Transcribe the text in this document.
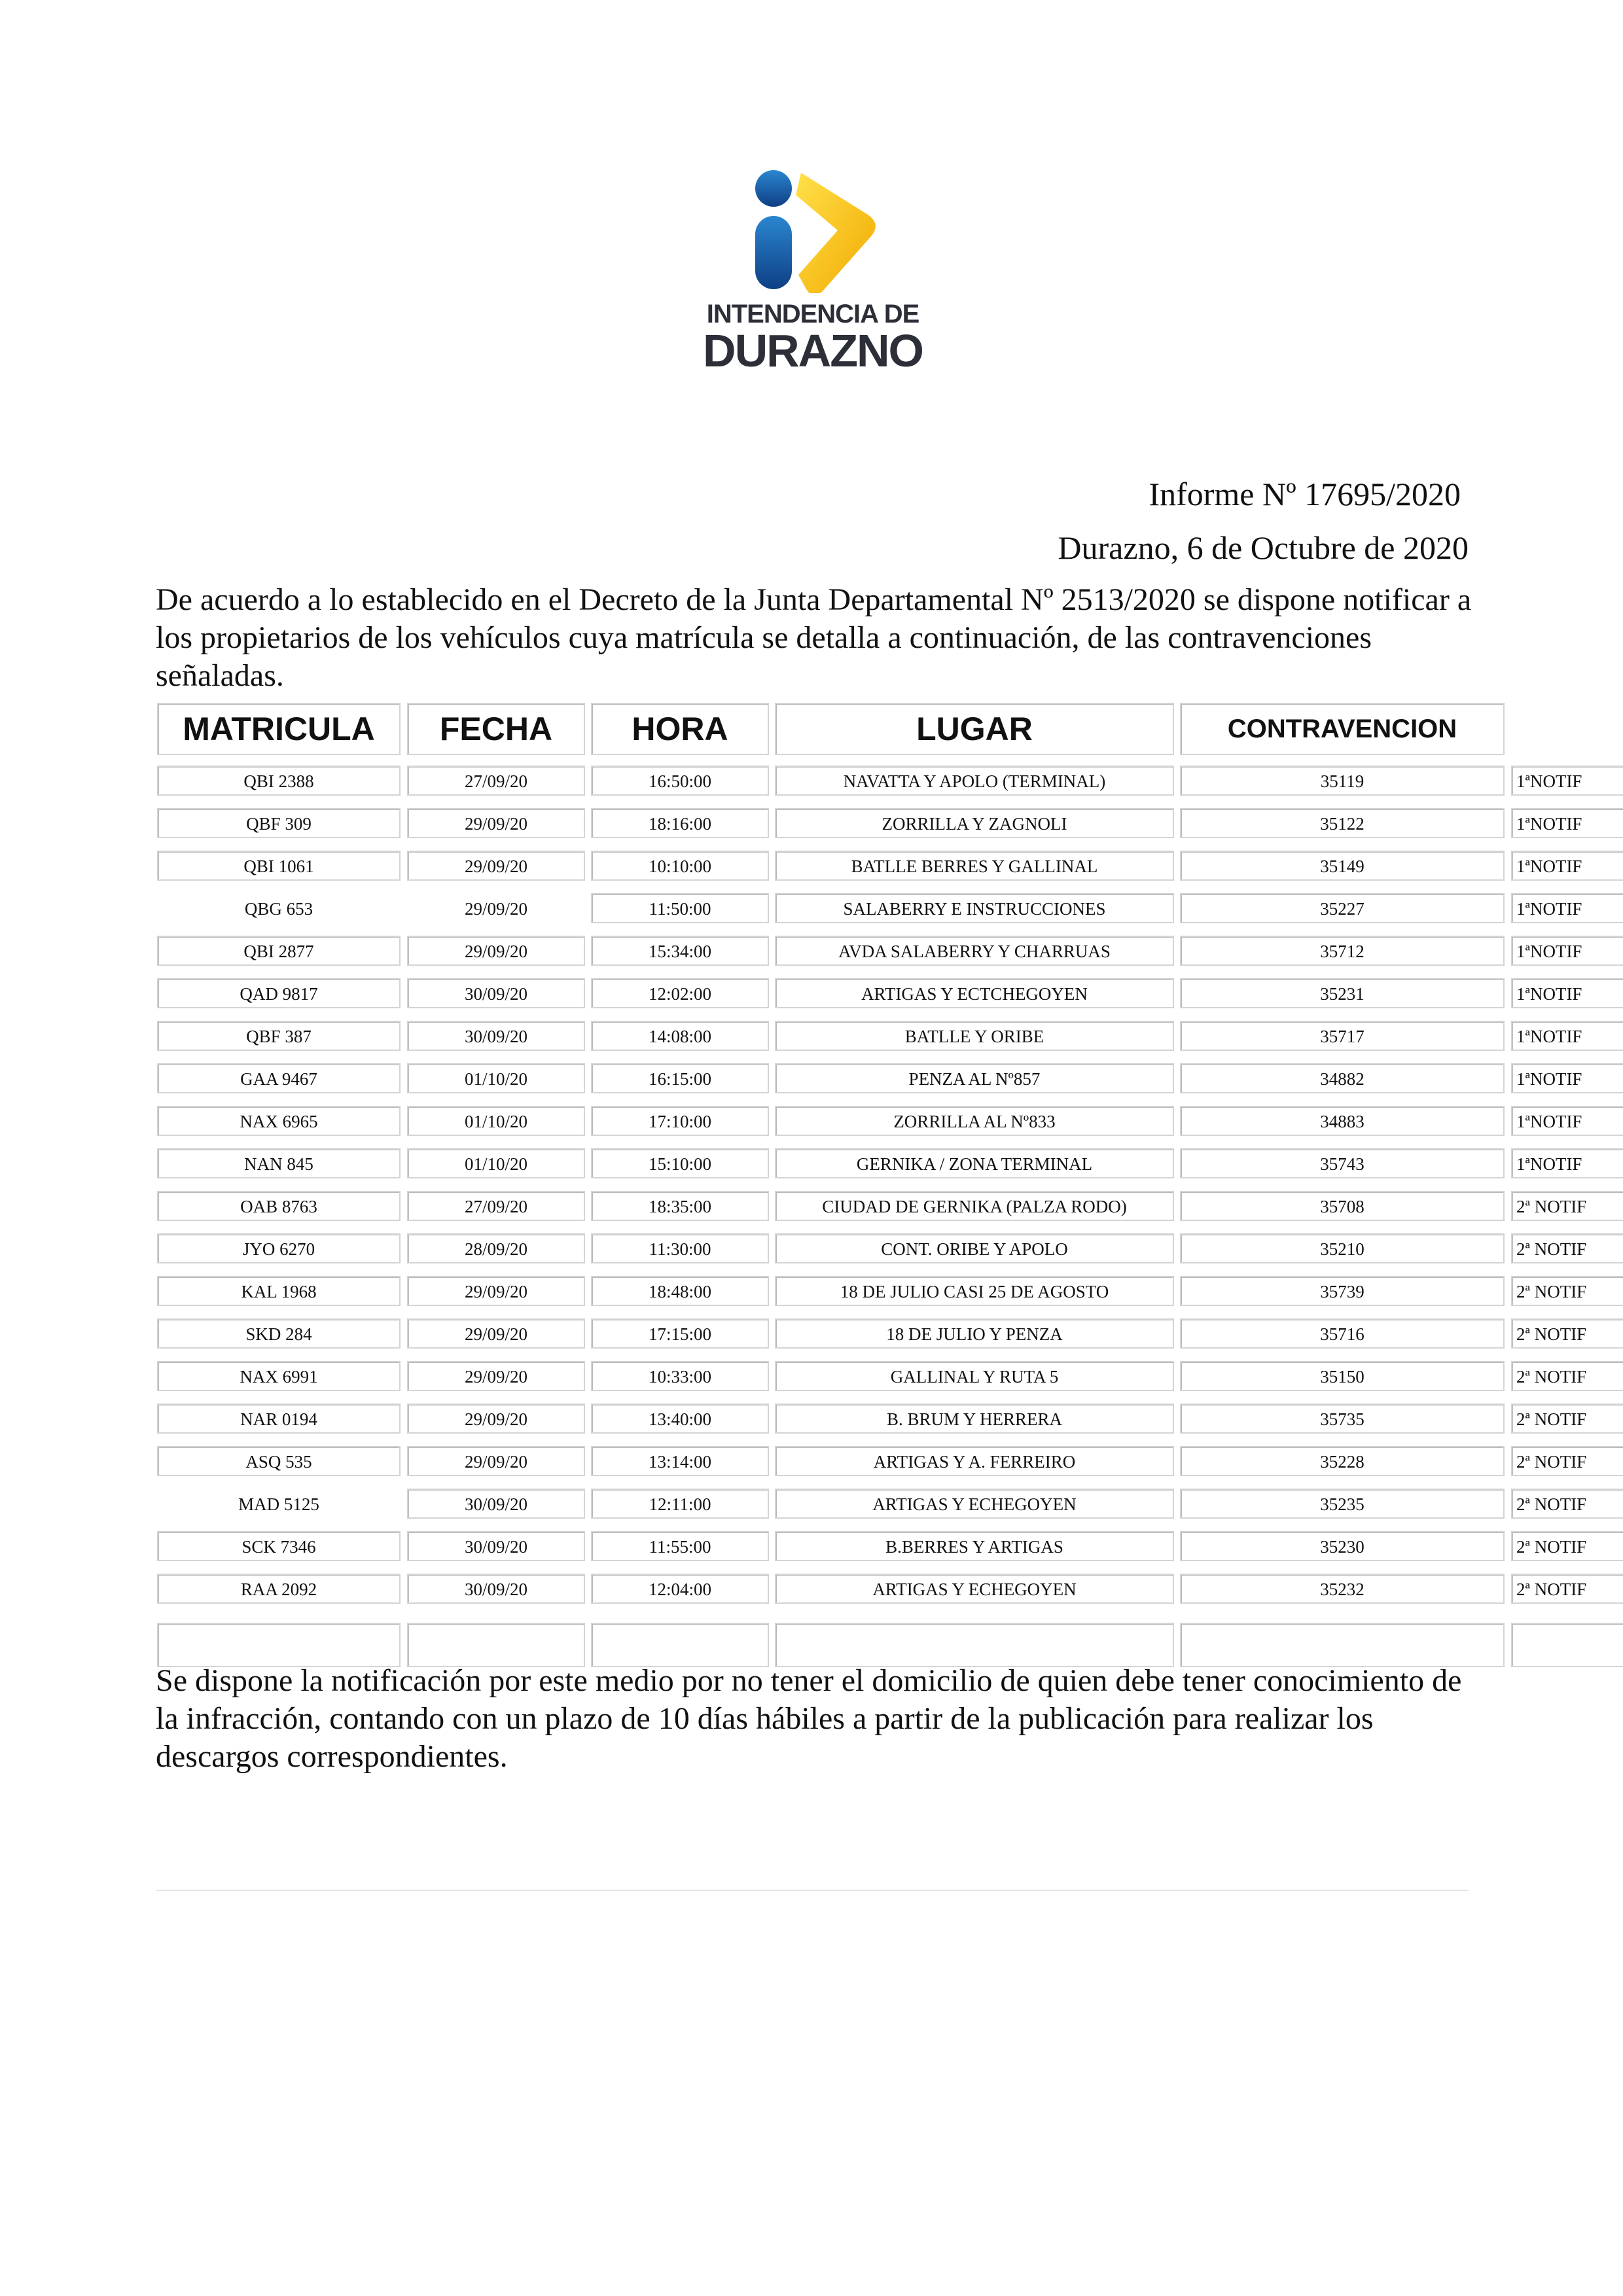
INTENDENCIA DE
DURAZNO
Informe Nº 17695/2020
Durazno, 6 de Octubre de 2020
De acuerdo a lo establecido en el Decreto de la Junta Departamental Nº 2513/2020 se dispone notificar a los propietarios de los vehículos cuya matrícula se detalla a continuación, de las contravenciones señaladas.
MATRICULA	FECHA	HORA	LUGAR	CONTRAVENCION
QBI 2388	27/09/20	16:50:00	NAVATTA Y APOLO (TERMINAL)	35119	1ªNOTIF
QBF 309	29/09/20	18:16:00	ZORRILLA Y ZAGNOLI	35122	1ªNOTIF
QBI 1061	29/09/20	10:10:00	BATLLE BERRES Y GALLINAL	35149	1ªNOTIF
QBG 653	29/09/20	11:50:00	SALABERRY E INSTRUCCIONES	35227	1ªNOTIF
QBI 2877	29/09/20	15:34:00	AVDA SALABERRY Y CHARRUAS	35712	1ªNOTIF
QAD 9817	30/09/20	12:02:00	ARTIGAS Y ECTCHEGOYEN	35231	1ªNOTIF
QBF 387	30/09/20	14:08:00	BATLLE Y ORIBE	35717	1ªNOTIF
GAA 9467	01/10/20	16:15:00	PENZA AL Nº857	34882	1ªNOTIF
NAX 6965	01/10/20	17:10:00	ZORRILLA AL Nº833	34883	1ªNOTIF
NAN 845	01/10/20	15:10:00	GERNIKA / ZONA TERMINAL	35743	1ªNOTIF
OAB 8763	27/09/20	18:35:00	CIUDAD DE GERNIKA (PALZA RODO)	35708	2ª NOTIF
JYO 6270	28/09/20	11:30:00	CONT. ORIBE Y APOLO	35210	2ª NOTIF
KAL 1968	29/09/20	18:48:00	18 DE JULIO CASI 25 DE AGOSTO	35739	2ª NOTIF
SKD 284	29/09/20	17:15:00	18 DE JULIO Y PENZA	35716	2ª NOTIF
NAX 6991	29/09/20	10:33:00	GALLINAL Y RUTA 5	35150	2ª NOTIF
NAR 0194	29/09/20	13:40:00	B. BRUM Y HERRERA	35735	2ª NOTIF
ASQ 535	29/09/20	13:14:00	ARTIGAS Y A. FERREIRO	35228	2ª NOTIF
MAD 5125	30/09/20	12:11:00	ARTIGAS Y ECHEGOYEN	35235	2ª NOTIF
SCK 7346	30/09/20	11:55:00	B.BERRES Y ARTIGAS	35230	2ª NOTIF
RAA 2092	30/09/20	12:04:00	ARTIGAS Y ECHEGOYEN	35232	2ª NOTIF
Se dispone la notificación por este medio por no tener el domicilio de quien debe tener conocimiento de la infracción, contando con un plazo de 10 días hábiles a partir de la publicación para realizar los descargos correspondientes.
